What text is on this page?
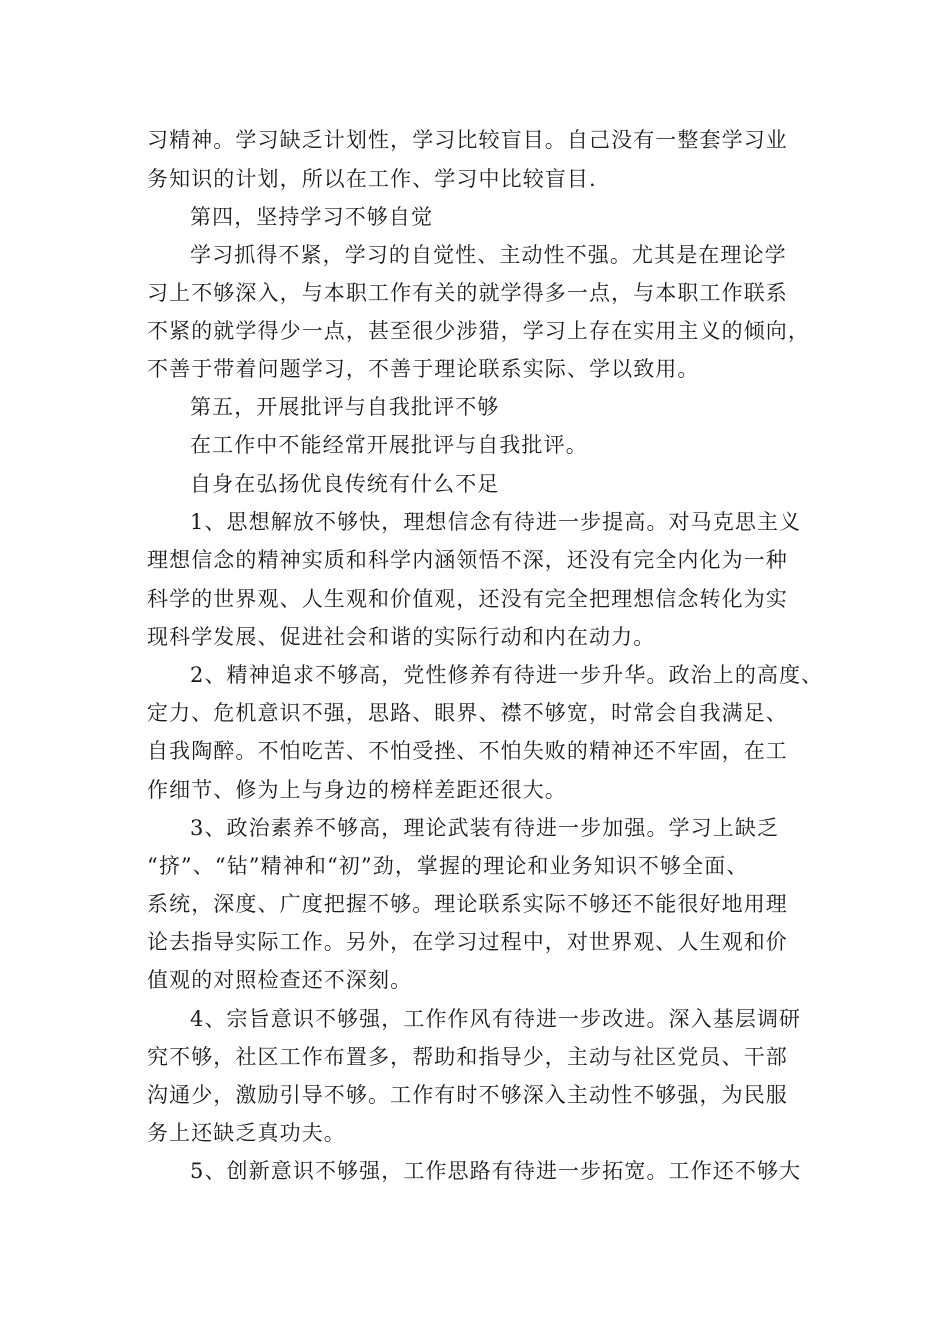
习精神。学习缺乏计划性，学习比较盲目。自己没有一整套学习业
务知识的计划，所以在工作、学习中比较盲目.
第四，坚持学习不够自觉
学习抓得不紧，学习的自觉性、主动性不强。尤其是在理论学
习上不够深入，与本职工作有关的就学得多一点，与本职工作联系
不紧的就学得少一点，甚至很少涉猎，学习上存在实用主义的倾向，
不善于带着问题学习，不善于理论联系实际、学以致用。
第五，开展批评与自我批评不够
在工作中不能经常开展批评与自我批评。
自身在弘扬优良传统有什么不足
1、思想解放不够快，理想信念有待进一步提高。对马克思主义
理想信念的精神实质和科学内涵领悟不深，还没有完全内化为一种
科学的世界观、人生观和价值观，还没有完全把理想信念转化为实
现科学发展、促进社会和谐的实际行动和内在动力。
2、精神追求不够高，党性修养有待进一步升华。政治上的高度、
定力、危机意识不强，思路、眼界、襟不够宽，时常会自我满足、
自我陶醉。不怕吃苦、不怕受挫、不怕失败的精神还不牢固，在工
作细节、修为上与身边的榜样差距还很大。
3、政治素养不够高，理论武装有待进一步加强。学习上缺乏
“挤”、“钻”精神和“初”劲，掌握的理论和业务知识不够全面、
系统，深度、广度把握不够。理论联系实际不够还不能很好地用理
论去指导实际工作。另外，在学习过程中，对世界观、人生观和价
值观的对照检查还不深刻。
4、宗旨意识不够强，工作作风有待进一步改进。深入基层调研
究不够，社区工作布置多，帮助和指导少，主动与社区党员、干部
沟通少，激励引导不够。工作有时不够深入主动性不够强，为民服
务上还缺乏真功夫。
5、创新意识不够强，工作思路有待进一步拓宽。工作还不够大
